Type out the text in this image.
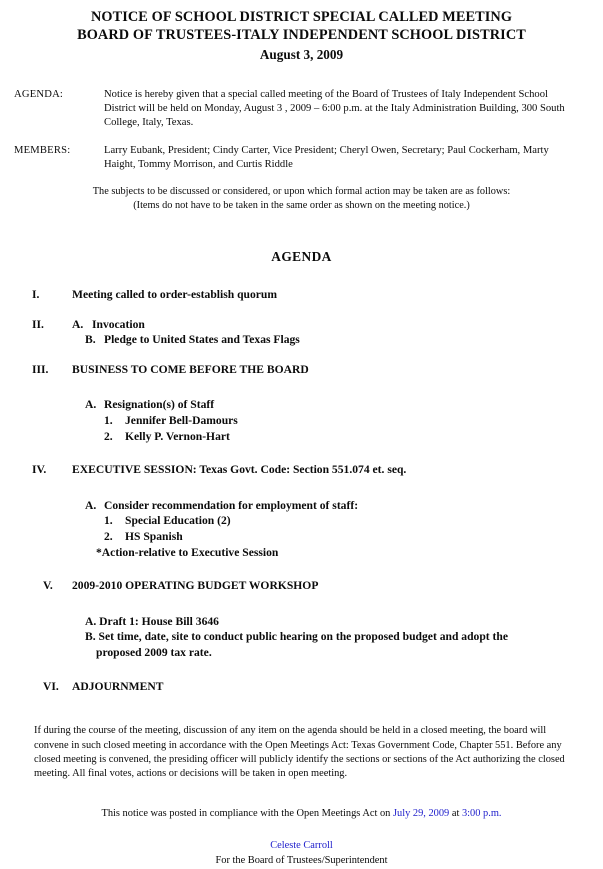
NOTICE OF SCHOOL DISTRICT SPECIAL CALLED MEETING
BOARD OF TRUSTEES-ITALY INDEPENDENT SCHOOL DISTRICT
August 3, 2009
AGENDA:	Notice is hereby given that a special called meeting of the Board of Trustees of Italy Independent School District will be held on Monday, August 3 , 2009 – 6:00 p.m. at the Italy Administration Building, 300 South College, Italy, Texas.
MEMBERS:	Larry Eubank, President; Cindy Carter, Vice President; Cheryl Owen, Secretary; Paul Cockerham, Marty Haight, Tommy Morrison, and Curtis Riddle
The subjects to be discussed or considered, or upon which formal action may be taken are as follows:
(Items do not have to be taken in the same order as shown on the meeting notice.)
AGENDA
I.	Meeting called to order-establish quorum
II.	A. Invocation
B. Pledge to United States and Texas Flags
III.	BUSINESS TO COME BEFORE THE BOARD
A. Resignation(s) of Staff
1.	Jennifer Bell-Damours
2.	Kelly P. Vernon-Hart
IV.	EXECUTIVE SESSION: Texas Govt. Code: Section 551.074 et. seq.
A. Consider recommendation for employment of staff:
1.	Special Education (2)
2.	HS Spanish
*Action-relative to Executive Session
V.	2009-2010 OPERATING BUDGET WORKSHOP
A. Draft 1: House Bill 3646
B. Set time, date, site to conduct public hearing on the proposed budget and adopt the
proposed 2009 tax rate.
VI.	ADJOURNMENT
If during the course of the meeting, discussion of any item on the agenda should be held in a closed meeting, the board will convene in such closed meeting in accordance with the Open Meetings Act: Texas Government Code, Chapter 551. Before any closed meeting is convened, the presiding officer will publicly identify the sections or sections of the Act authorizing the closed meeting. All final votes, actions or decisions will be taken in open meeting.
This notice was posted in compliance with the Open Meetings Act on July 29, 2009 at 3:00 p.m.
Celeste Carroll
For the Board of Trustees/Superintendent
